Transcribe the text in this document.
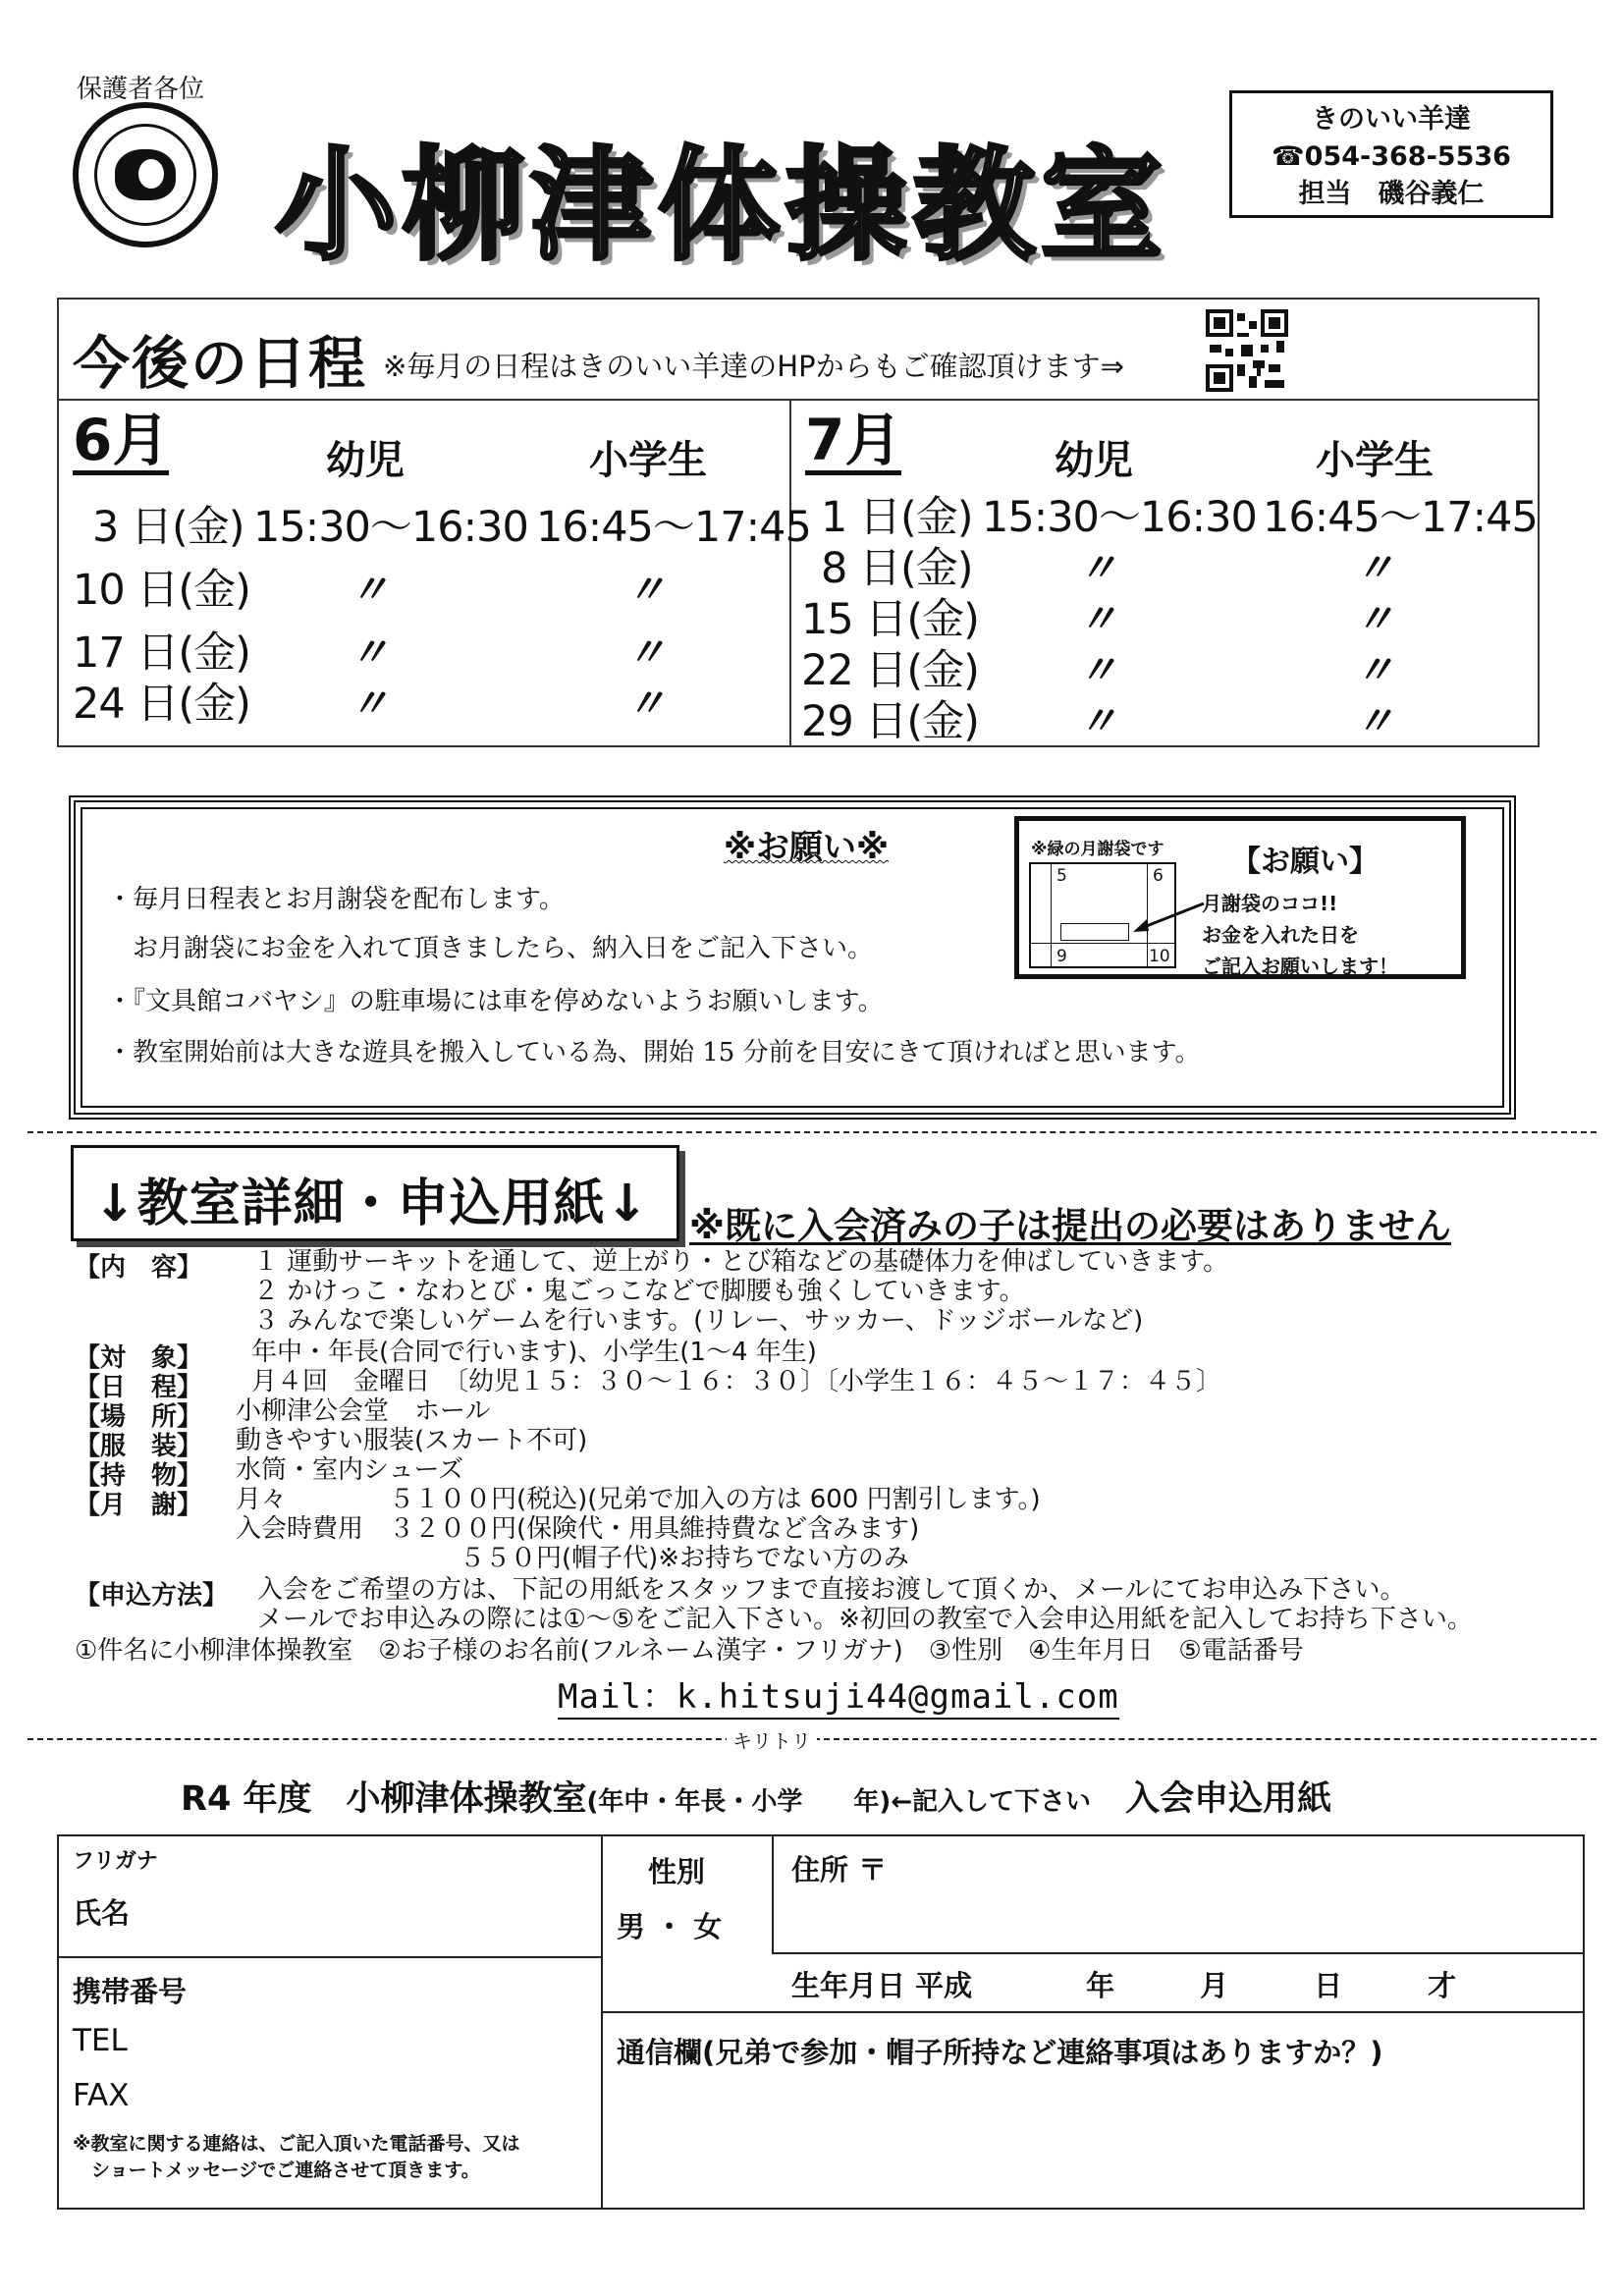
保護者各位
小柳津体操教室
きのいい羊達
☎054-368-5536
担当　磯谷義仁
今後の日程 ※毎月の日程はきのいい羊達のHPからもご確認頂けます⇒
6月	幼児	小学生
3 日(金) 15:30～16:30 16:45～17:45
10 日(金)	〃	〃
17 日(金)	〃	〃
24 日(金)	〃	〃
7月	幼児	小学生
1 日(金) 15:30～16:30 16:45～17:45
8 日(金)	〃	〃
15 日(金)	〃	〃
22 日(金)	〃	〃
29 日(金)	〃	〃
※お願い※
・毎月日程表とお月謝袋を配布します。
　お月謝袋にお金を入れて頂きましたら、納入日をご記入下さい。
・『文具館コバヤシ』の駐車場には車を停めないようお願いします。
・教室開始前は大きな遊具を搬入している為、開始 15 分前を目安にきて頂ければと思います。
※緑の月謝袋です
5	6
9	10
【お願い】
月謝袋のココ!!
お金を入れた日を
ご記入お願いします！
↓教室詳細・申込用紙↓ ※既に入会済みの子は提出の必要はありません
【内　容】 １ 運動サーキットを通して、逆上がり・とび箱などの基礎体力を伸ばしていきます。
２ かけっこ・なわとび・鬼ごっこなどで脚腰も強くしていきます。
３ みんなで楽しいゲームを行います。(リレー、サッカー、ドッジボールなど)
【対　象】 年中・年長(合同で行います)、小学生(1～4 年生)
【日　程】 月４回　金曜日　〔幼児１５：３０～１６：３０〕〔小学生１６：４５～１７：４５〕
【場　所】 小柳津公会堂　ホール
【服　装】 動きやすい服装(スカート不可)
【持　物】 水筒・室内シューズ
【月　謝】 月々　　　　５１００円(税込)(兄弟で加入の方は 600 円割引します。)
入会時費用　３２００円(保険代・用具維持費など含みます)
５５０円(帽子代)※お持ちでない方のみ
【申込方法】 入会をご希望の方は、下記の用紙をスタッフまで直接お渡して頂くか、メールにてお申込み下さい。
メールでお申込みの際には①～⑤をご記入下さい。※初回の教室で入会申込用紙を記入してお持ち下さい。
①件名に小柳津体操教室　②お子様のお名前(フルネーム漢字・フリガナ)　③性別　④生年月日　⑤電話番号
Mail：k.hitsuji44@gmail.com
キリトリ
R4 年度　小柳津体操教室(年中・年長・小学　　年)←記入して下さい　 入会申込用紙
フリガナ
氏名
性別
男 ・ 女
住所 〒
生年月日 平成　　　　年　　　月　　　日　　　才
携帯番号
TEL
FAX
※教室に関する連絡は、ご記入頂いた電話番号、又は
　ショートメッセージでご連絡させて頂きます。
通信欄(兄弟で参加・帽子所持など連絡事項はありますか？)
